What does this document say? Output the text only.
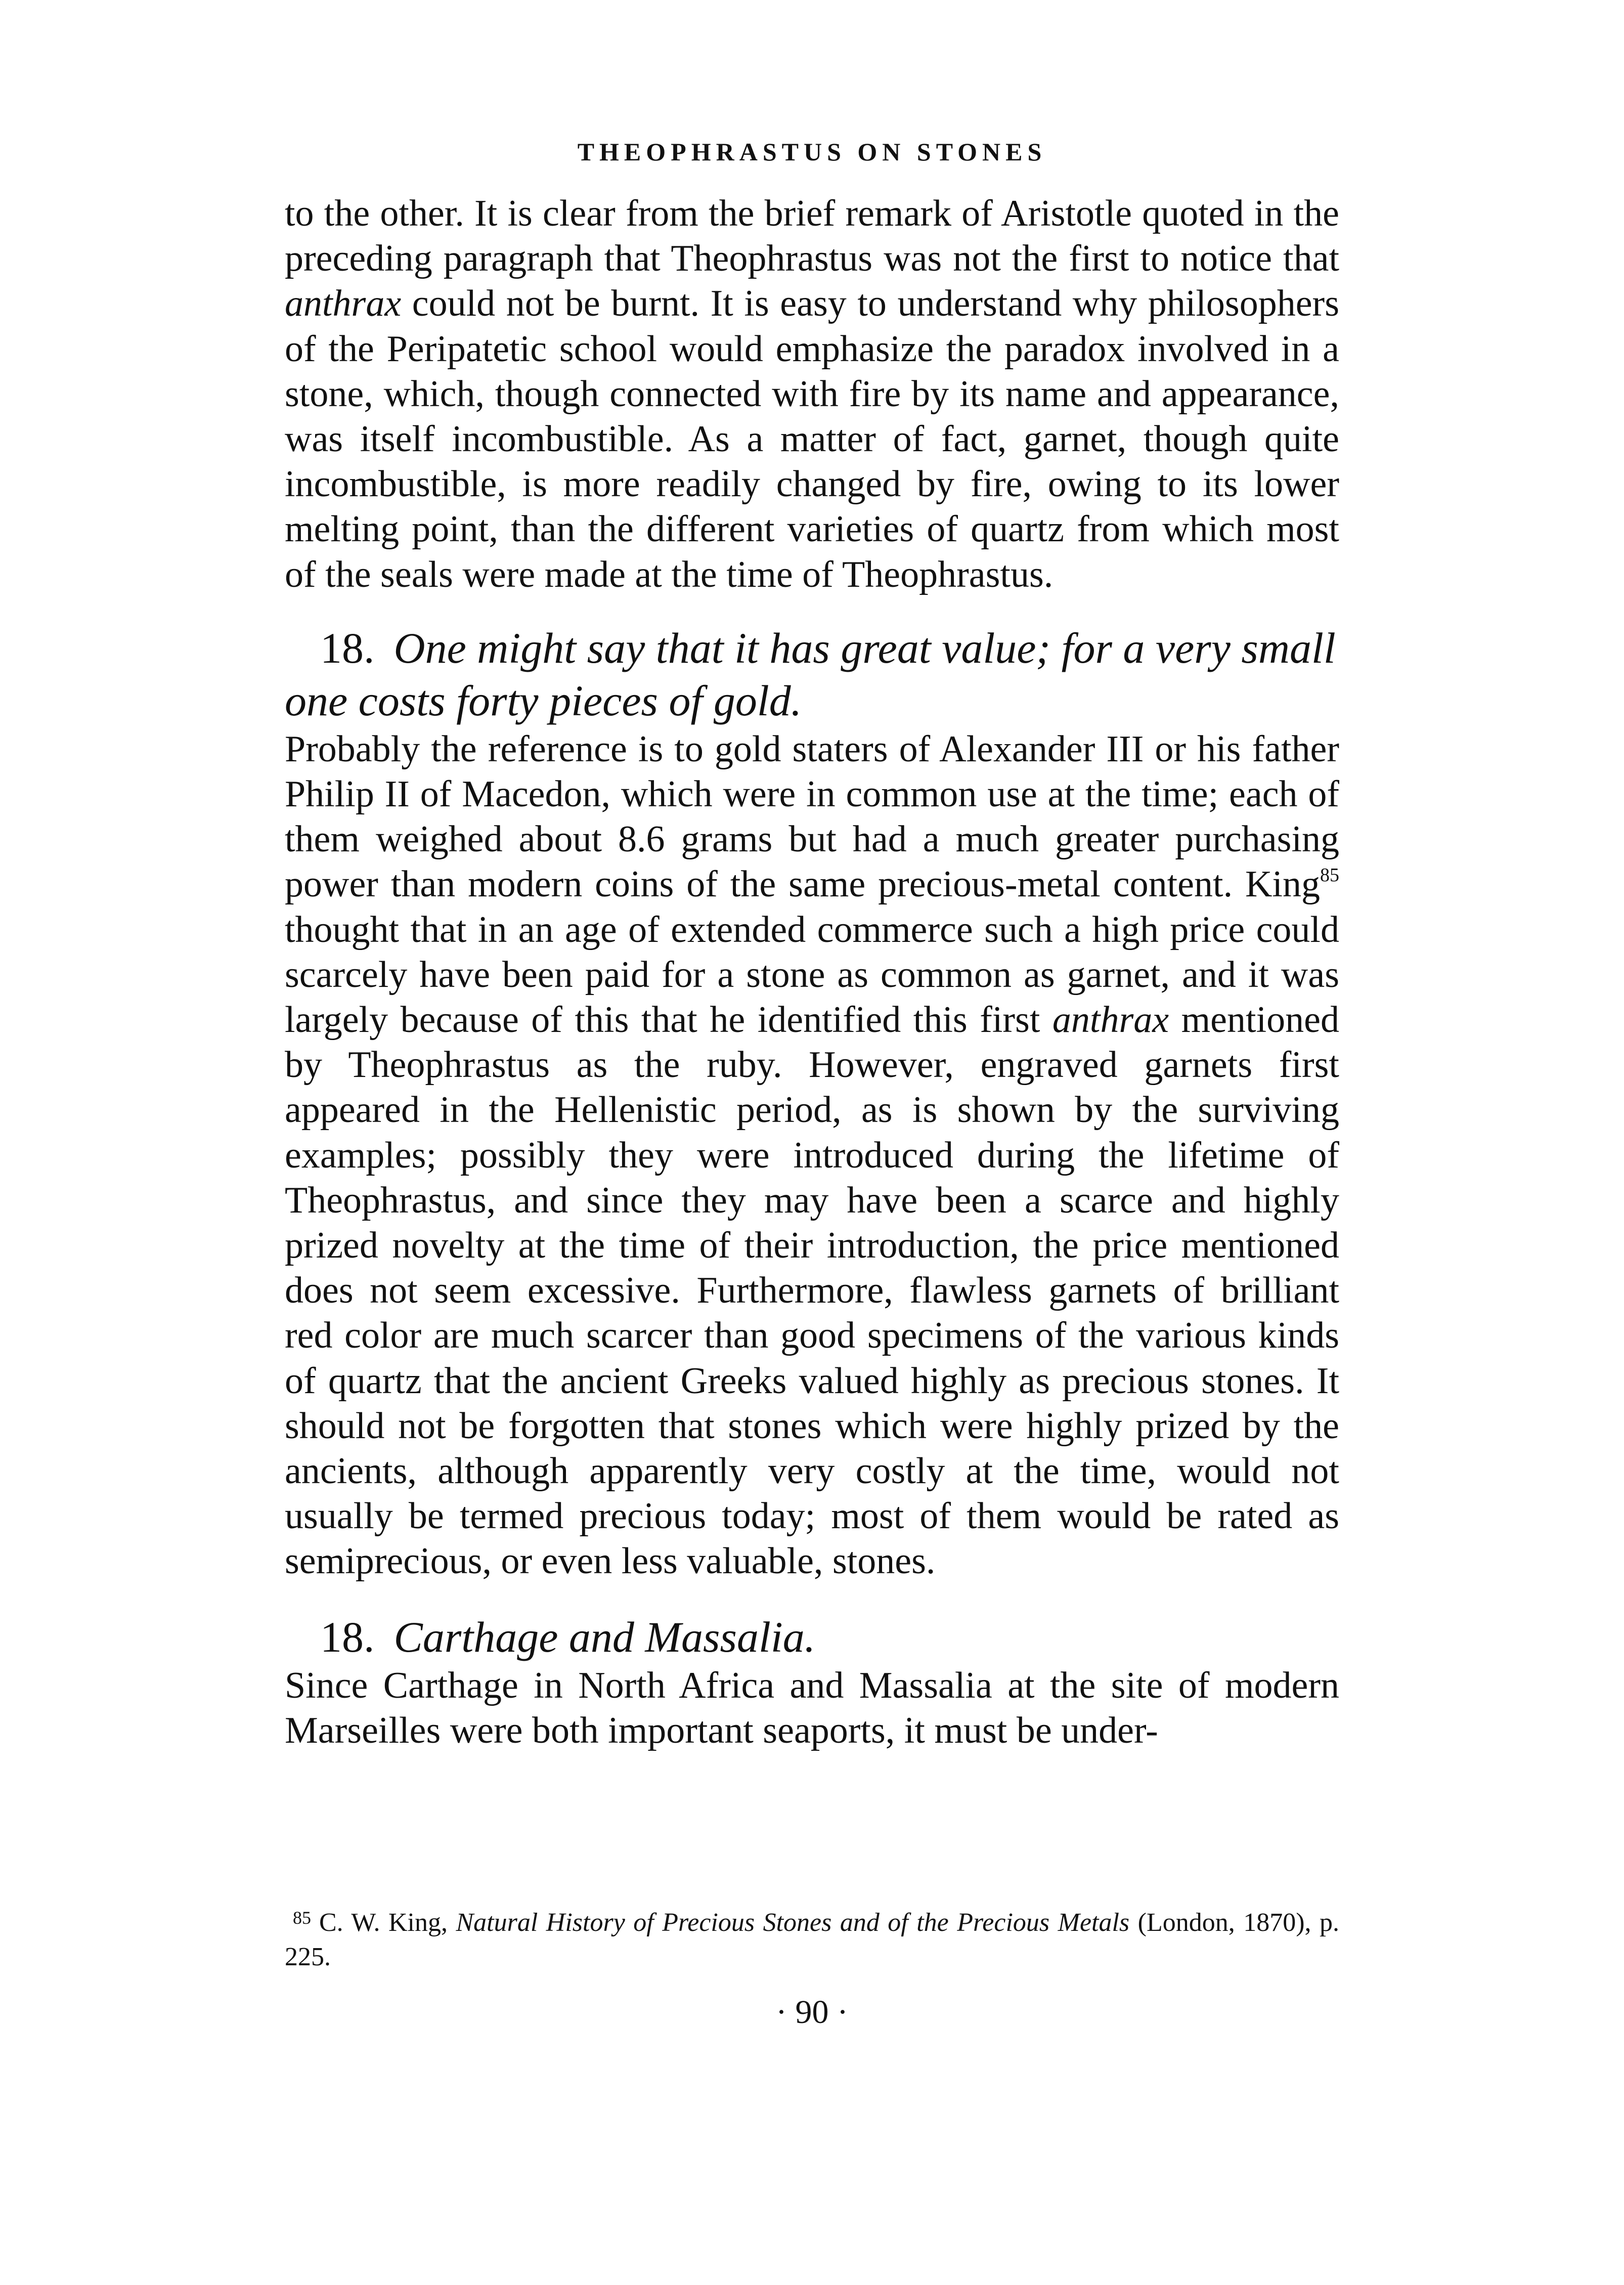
THEOPHRASTUS ON STONES

to the other. It is clear from the brief remark of Aristotle quoted in the preceding paragraph that Theophrastus was not the first to notice that anthrax could not be burnt. It is easy to understand why philosophers of the Peripatetic school would emphasize the paradox involved in a stone, which, though connected with fire by its name and appearance, was itself incombustible. As a matter of fact, garnet, though quite incombustible, is more readily changed by fire, owing to its lower melting point, than the different varieties of quartz from which most of the seals were made at the time of Theophrastus.

18. One might say that it has great value; for a very small one costs forty pieces of gold.

Probably the reference is to gold staters of Alexander III or his father Philip II of Macedon, which were in common use at the time; each of them weighed about 8.6 grams but had a much greater purchasing power than modern coins of the same precious-metal content. King$^{85}$ thought that in an age of extended commerce such a high price could scarcely have been paid for a stone as common as garnet, and it was largely because of this that he identified this first anthrax mentioned by Theophrastus as the ruby. However, engraved garnets first appeared in the Hellenistic period, as is shown by the surviving examples; possibly they were introduced during the lifetime of Theophrastus, and since they may have been a scarce and highly prized novelty at the time of their introduction, the price mentioned does not seem excessive. Furthermore, flawless garnets of brilliant red color are much scarcer than good specimens of the various kinds of quartz that the ancient Greeks valued highly as precious stones. It should not be forgotten that stones which were highly prized by the ancients, although apparently very costly at the time, would not usually be termed precious today; most of them would be rated as semiprecious, or even less valuable, stones.

18. Carthage and Massalia.

Since Carthage in North Africa and Massalia at the site of modern Marseilles were both important seaports, it must be under-

85 C. W. King, Natural History of Precious Stones and of the Precious Metals (London, 1870), p. 225.

· 90 ·
